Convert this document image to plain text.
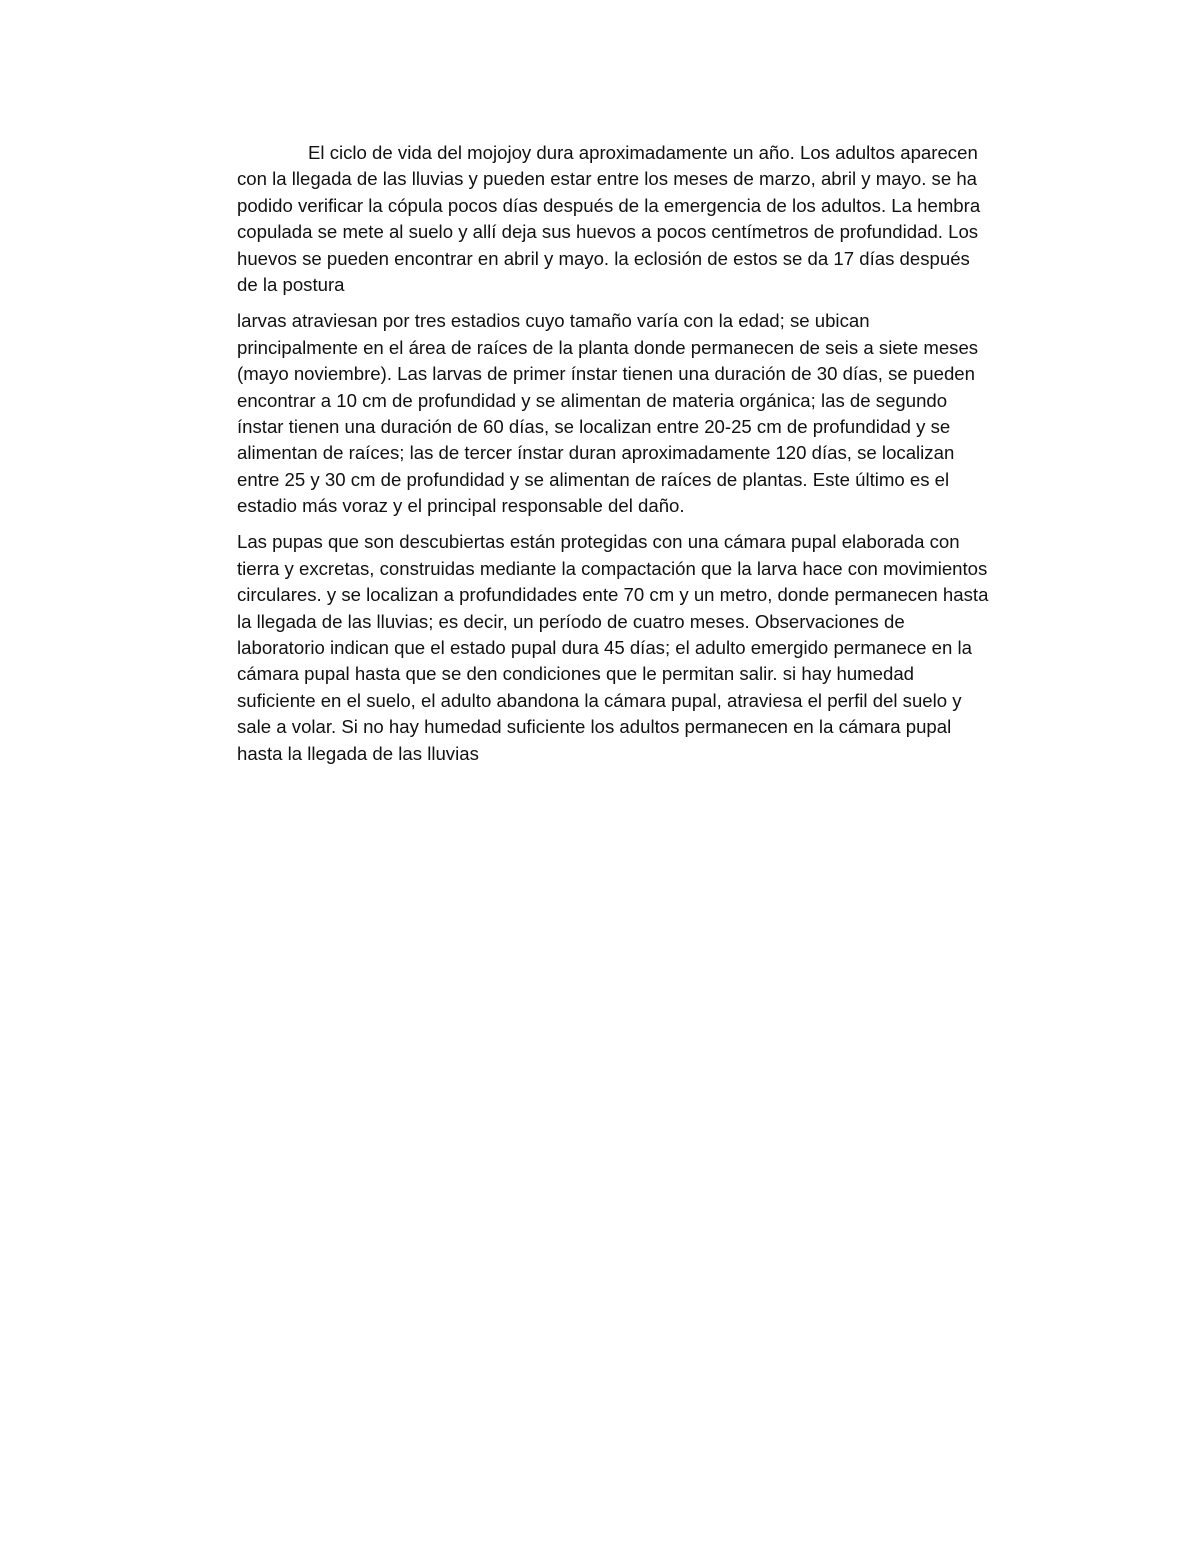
El ciclo de vida del mojojoy dura aproximadamente un año. Los adultos aparecen
con la llegada de las lluvias y pueden estar entre los meses de marzo, abril y mayo. se ha
podido verificar la cópula pocos días después de la emergencia de los adultos. La hembra
copulada se mete al suelo y allí deja sus huevos a pocos centímetros de profundidad. Los
huevos se pueden encontrar en abril y mayo. la eclosión de estos se da 17 días después
de la postura

larvas atraviesan por tres estadios cuyo tamaño varía con la edad; se ubican
principalmente en el área de raíces de la planta donde permanecen de seis a siete meses
(mayo noviembre). Las larvas de primer ínstar tienen una duración de 30 días, se pueden
encontrar a 10 cm de profundidad y se alimentan de materia orgánica; las de segundo
ínstar tienen una duración de 60 días, se localizan entre 20-25 cm de profundidad y se
alimentan de raíces; las de tercer ínstar duran aproximadamente 120 días, se localizan
entre 25 y 30 cm de profundidad y se alimentan de raíces de plantas. Este último es el
estadio más voraz y el principal responsable del daño.

Las pupas que son descubiertas están protegidas con una cámara pupal elaborada con
tierra y excretas, construidas mediante la compactación que la larva hace con movimientos
circulares. y se localizan a profundidades ente 70 cm y un metro, donde permanecen hasta
la llegada de las lluvias; es decir, un período de cuatro meses. Observaciones de
laboratorio indican que el estado pupal dura 45 días; el adulto emergido permanece en la
cámara pupal hasta que se den condiciones que le permitan salir. si hay humedad
suficiente en el suelo, el adulto abandona la cámara pupal, atraviesa el perfil del suelo y
sale a volar. Si no hay humedad suficiente los adultos permanecen en la cámara pupal
hasta la llegada de las lluvias
